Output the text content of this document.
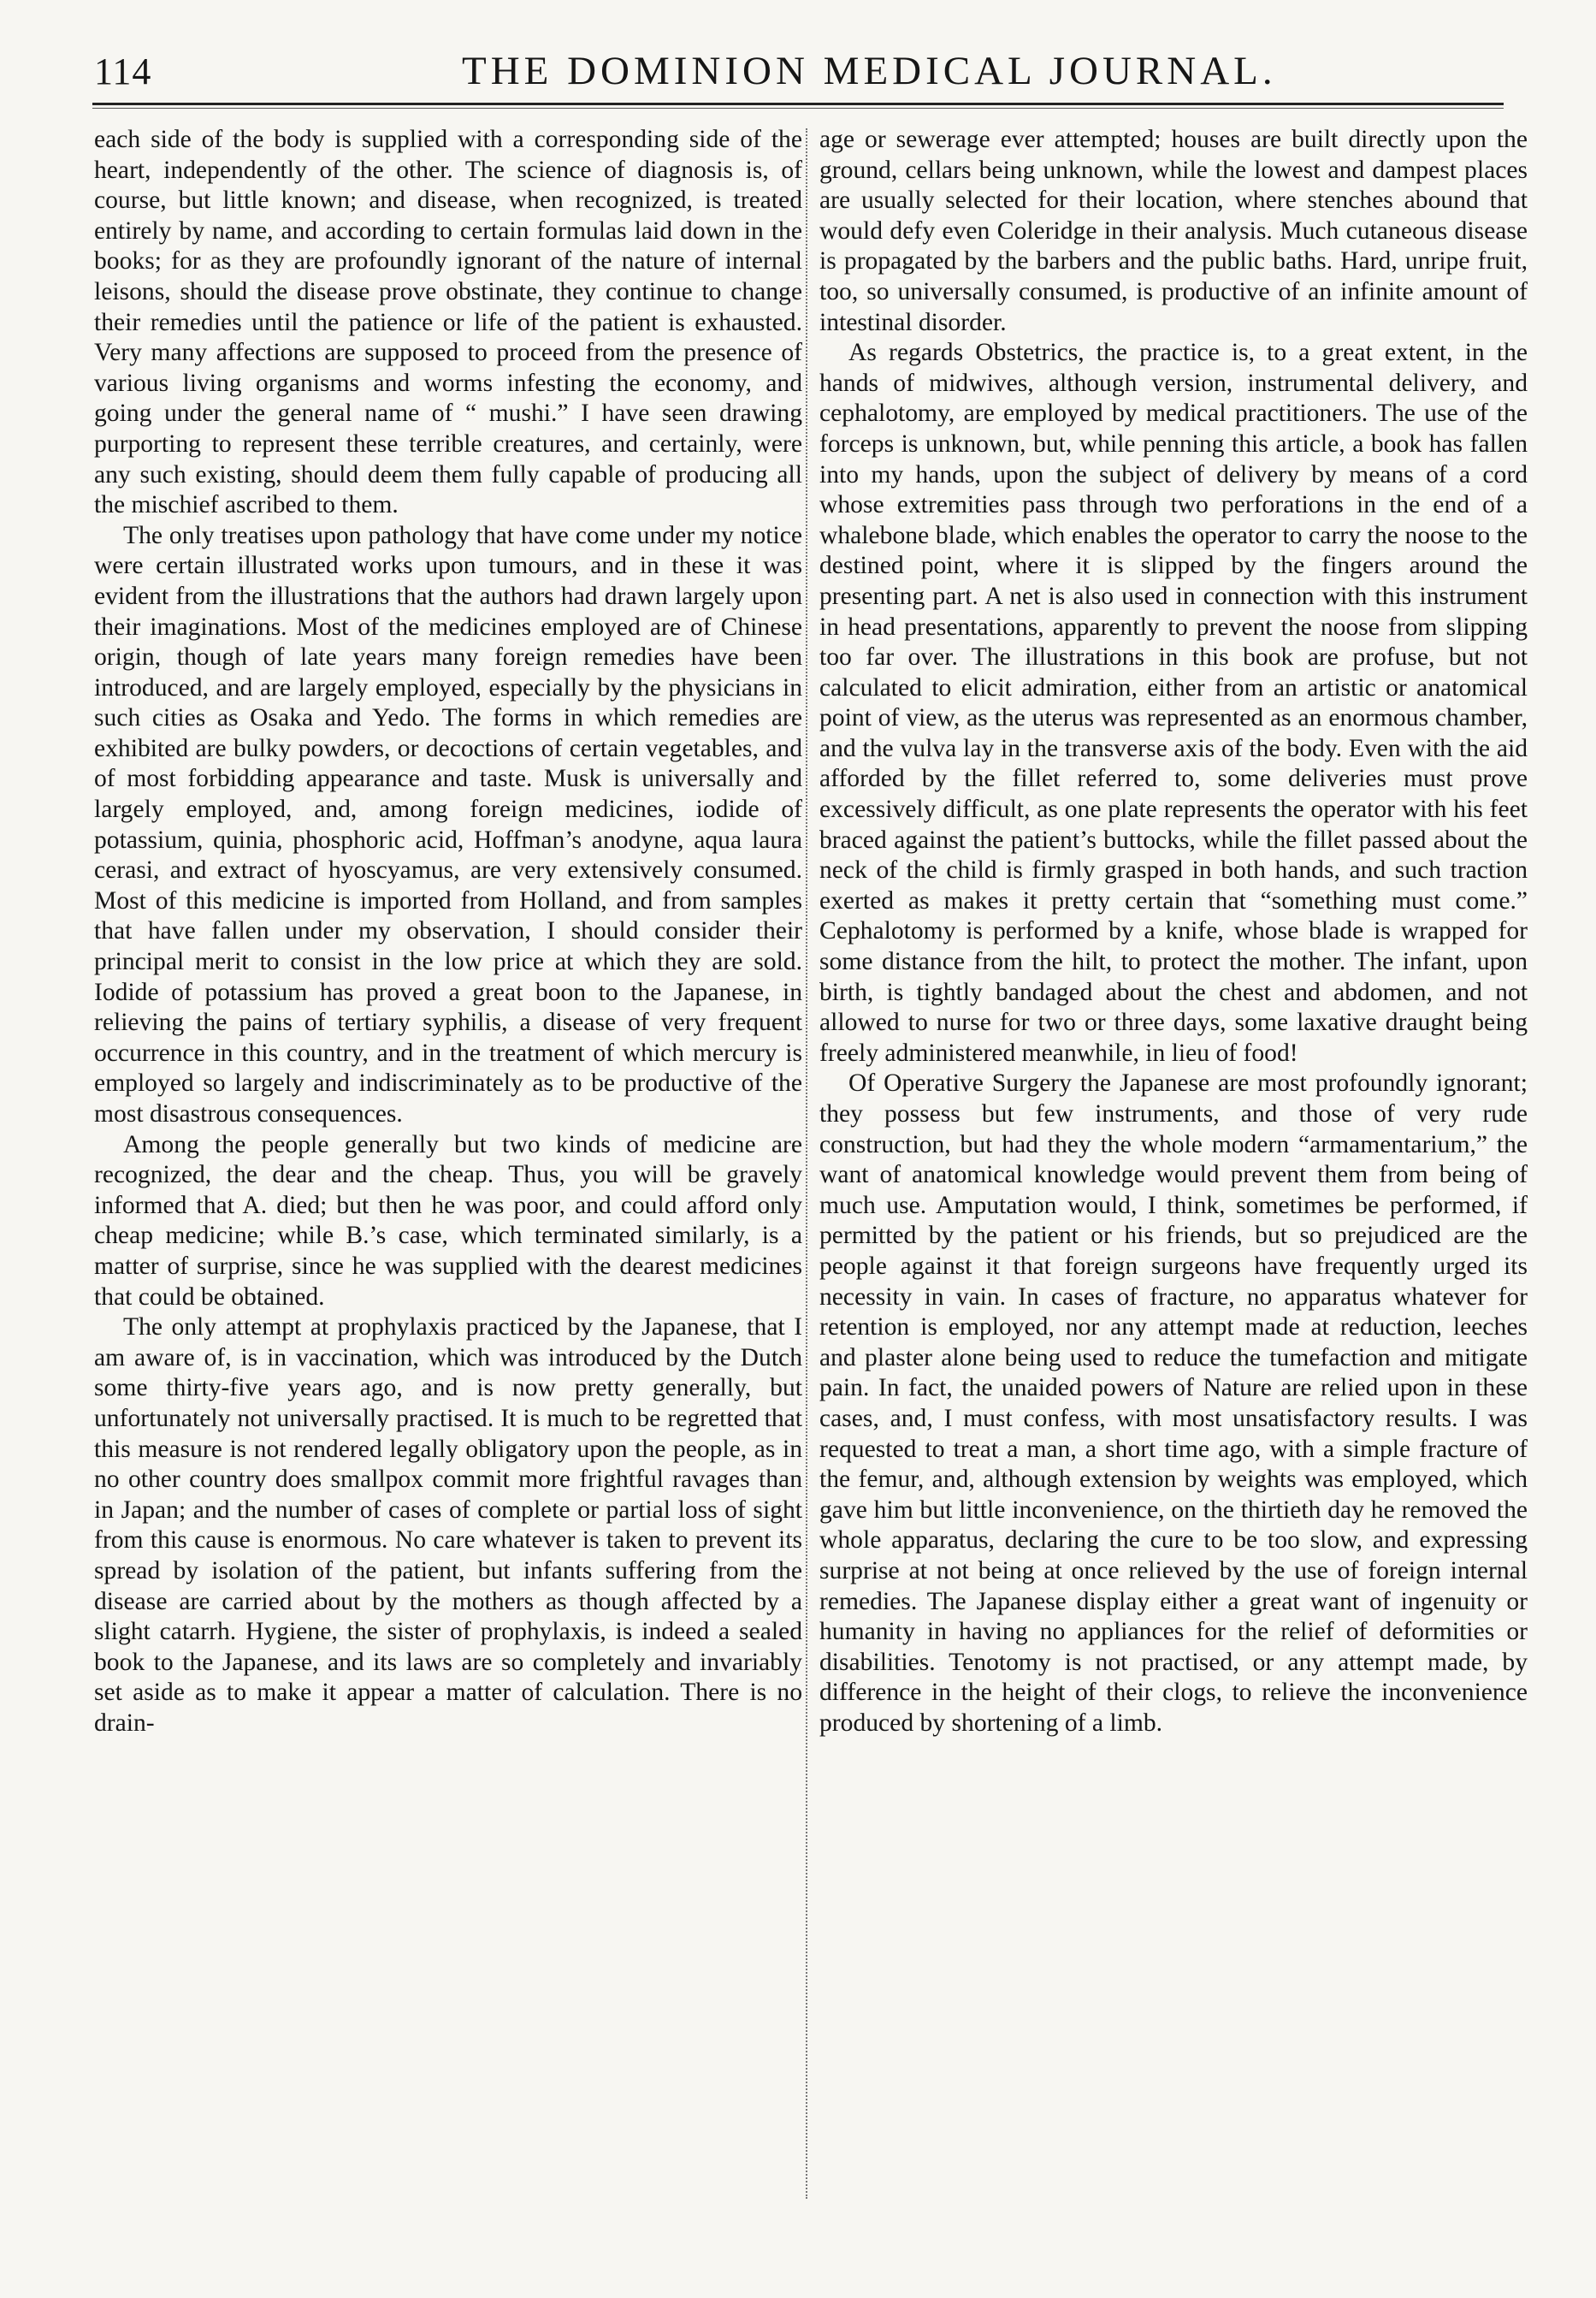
114	THE DOMINION MEDICAL JOURNAL.

each side of the body is supplied with a corresponding side of the heart, independently of the other. The science of diagnosis is, of course, but little known; and disease, when recognized, is treated entirely by name, and according to certain formulas laid down in the books; for as they are profoundly ignorant of the nature of internal leisons, should the disease prove obstinate, they continue to change their remedies until the patience or life of the patient is exhausted. Very many affections are supposed to proceed from the presence of various living organisms and worms infesting the economy, and going under the general name of “ mushi.” I have seen drawing purporting to represent these terrible creatures, and certainly, were any such existing, should deem them fully capable of producing all the mischief ascribed to them.

The only treatises upon pathology that have come under my notice were certain illustrated works upon tumours, and in these it was evident from the illustrations that the authors had drawn largely upon their imaginations. Most of the medicines employed are of Chinese origin, though of late years many foreign remedies have been introduced, and are largely employed, especially by the physicians in such cities as Osaka and Yedo. The forms in which remedies are exhibited are bulky powders, or decoctions of certain vegetables, and of most forbidding appearance and taste. Musk is universally and largely employed, and, among foreign medicines, iodide of potassium, quinia, phosphoric acid, Hoffman’s anodyne, aqua laura cerasi, and extract of hyoscyamus, are very extensively consumed. Most of this medicine is imported from Holland, and from samples that have fallen under my observation, I should consider their principal merit to consist in the low price at which they are sold. Iodide of potassium has proved a great boon to the Japanese, in relieving the pains of tertiary syphilis, a disease of very frequent occurrence in this country, and in the treatment of which mercury is employed so largely and indiscriminately as to be productive of the most disastrous consequences.

Among the people generally but two kinds of medicine are recognized, the dear and the cheap. Thus, you will be gravely informed that A. died; but then he was poor, and could afford only cheap medicine; while B.’s case, which terminated similarly, is a matter of surprise, since he was supplied with the dearest medicines that could be obtained.

The only attempt at prophylaxis practiced by the Japanese, that I am aware of, is in vaccination, which was introduced by the Dutch some thirty-five years ago, and is now pretty generally, but unfortunately not universally practised. It is much to be regretted that this measure is not rendered legally obligatory upon the people, as in no other country does smallpox commit more frightful ravages than in Japan; and the number of cases of complete or partial loss of sight from this cause is enormous. No care whatever is taken to prevent its spread by isolation of the patient, but infants suffering from the disease are carried about by the mothers as though affected by a slight catarrh. Hygiene, the sister of prophylaxis, is indeed a sealed book to the Japanese, and its laws are so completely and invariably set aside as to make it appear a matter of calculation. There is no drain-

age or sewerage ever attempted; houses are built directly upon the ground, cellars being unknown, while the lowest and dampest places are usually selected for their location, where stenches abound that would defy even Coleridge in their analysis. Much cutaneous disease is propagated by the barbers and the public baths. Hard, unripe fruit, too, so universally consumed, is productive of an infinite amount of intestinal disorder.

As regards Obstetrics, the practice is, to a great extent, in the hands of midwives, although version, instrumental delivery, and cephalotomy, are employed by medical practitioners. The use of the forceps is unknown, but, while penning this article, a book has fallen into my hands, upon the subject of delivery by means of a cord whose extremities pass through two perforations in the end of a whalebone blade, which enables the operator to carry the noose to the destined point, where it is slipped by the fingers around the presenting part. A net is also used in connection with this instrument in head presentations, apparently to prevent the noose from slipping too far over. The illustrations in this book are profuse, but not calculated to elicit admiration, either from an artistic or anatomical point of view, as the uterus was represented as an enormous chamber, and the vulva lay in the transverse axis of the body. Even with the aid afforded by the fillet referred to, some deliveries must prove excessively difficult, as one plate represents the operator with his feet braced against the patient’s buttocks, while the fillet passed about the neck of the child is firmly grasped in both hands, and such traction exerted as makes it pretty certain that “something must come.” Cephalotomy is performed by a knife, whose blade is wrapped for some distance from the hilt, to protect the mother. The infant, upon birth, is tightly bandaged about the chest and abdomen, and not allowed to nurse for two or three days, some laxative draught being freely administered meanwhile, in lieu of food!

Of Operative Surgery the Japanese are most profoundly ignorant; they possess but few instruments, and those of very rude construction, but had they the whole modern “armamentarium,” the want of anatomical knowledge would prevent them from being of much use. Amputation would, I think, sometimes be performed, if permitted by the patient or his friends, but so prejudiced are the people against it that foreign surgeons have frequently urged its necessity in vain. In cases of fracture, no apparatus whatever for retention is employed, nor any attempt made at reduction, leeches and plaster alone being used to reduce the tumefaction and mitigate pain. In fact, the unaided powers of Nature are relied upon in these cases, and, I must confess, with most unsatisfactory results. I was requested to treat a man, a short time ago, with a simple fracture of the femur, and, although extension by weights was employed, which gave him but little inconvenience, on the thirtieth day he removed the whole apparatus, declaring the cure to be too slow, and expressing surprise at not being at once relieved by the use of foreign internal remedies. The Japanese display either a great want of ingenuity or humanity in having no appliances for the relief of deformities or disabilities. Tenotomy is not practised, or any attempt made, by difference in the height of their clogs, to relieve the inconvenience produced by shortening of a limb.
